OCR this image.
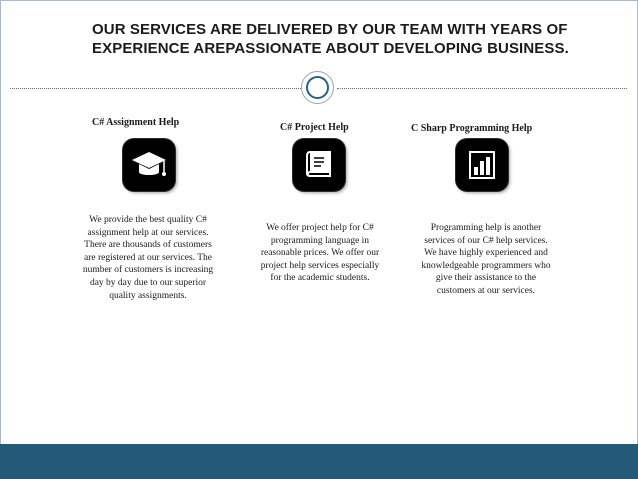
OUR SERVICES ARE DELIVERED BY OUR TEAM WITH YEARS OF EXPERIENCE AREPASSIONATE ABOUT DEVELOPING BUSINESS.
C# Assignment Help

We provide the best quality C# assignment help at our services. There are thousands of customers are registered at our services. The number of customers is increasing day by day due to our superior quality assignments.

C# Project Help

We offer project help for C# programming language in reasonable prices. We offer our project help services especially for the academic students.

C Sharp Programming Help

Programming help is another services of our C# help services. We have highly experienced and knowledgeable programmers who give their assistance to the customers at our services.
